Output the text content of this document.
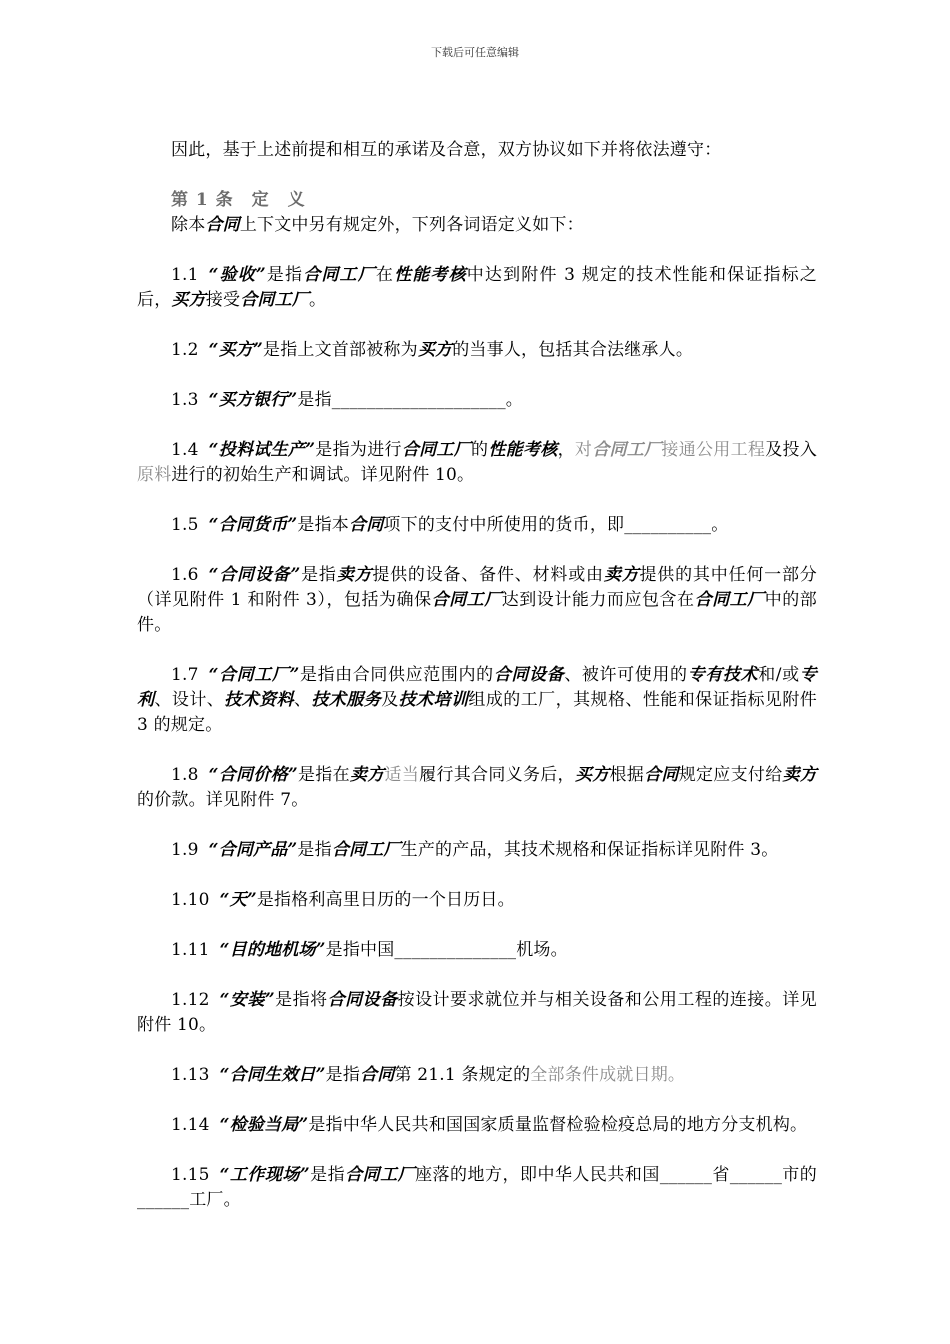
下载后可任意编辑

因此，基于上述前提和相互的承诺及合意，双方协议如下并将依法遵守：

第 1 条　定　义

除本合同上下文中另有规定外，下列各词语定义如下：

1.1 “验收”是指合同工厂在性能考核中达到附件 3 规定的技术性能和保证指标之后，买方接受合同工厂。

1.2 “买方”是指上文首部被称为买方的当事人，包括其合法继承人。

1.3 “买方银行”是指____________________。

1.4 “投料试生产”是指为进行合同工厂的性能考核，对合同工厂接通公用工程及投入原料进行的初始生产和调试。详见附件 10。

1.5 “合同货币”是指本合同项下的支付中所使用的货币，即__________。

1.6 “合同设备”是指卖方提供的设备、备件、材料或由卖方提供的其中任何一部分（详见附件 1 和附件 3），包括为确保合同工厂达到设计能力而应包含在合同工厂中的部件。

1.7 “合同工厂”是指由合同供应范围内的合同设备、被许可使用的专有技术和/或专利、设计、技术资料、技术服务及技术培训组成的工厂，其规格、性能和保证指标见附件 3 的规定。

1.8 “合同价格”是指在卖方适当履行其合同义务后，买方根据合同规定应支付给卖方的价款。详见附件 7。

1.9 “合同产品”是指合同工厂生产的产品，其技术规格和保证指标详见附件 3。

1.10 “天”是指格利高里日历的一个日历日。

1.11 “目的地机场”是指中国______________机场。

1.12 “安装”是指将合同设备按设计要求就位并与相关设备和公用工程的连接。详见附件 10。

1.13 “合同生效日”是指合同第 21.1 条规定的全部条件成就日期。

1.14 “检验当局”是指中华人民共和国国家质量监督检验检疫总局的地方分支机构。

1.15 “工作现场”是指合同工厂座落的地方，即中华人民共和国______省______市的______工厂。
